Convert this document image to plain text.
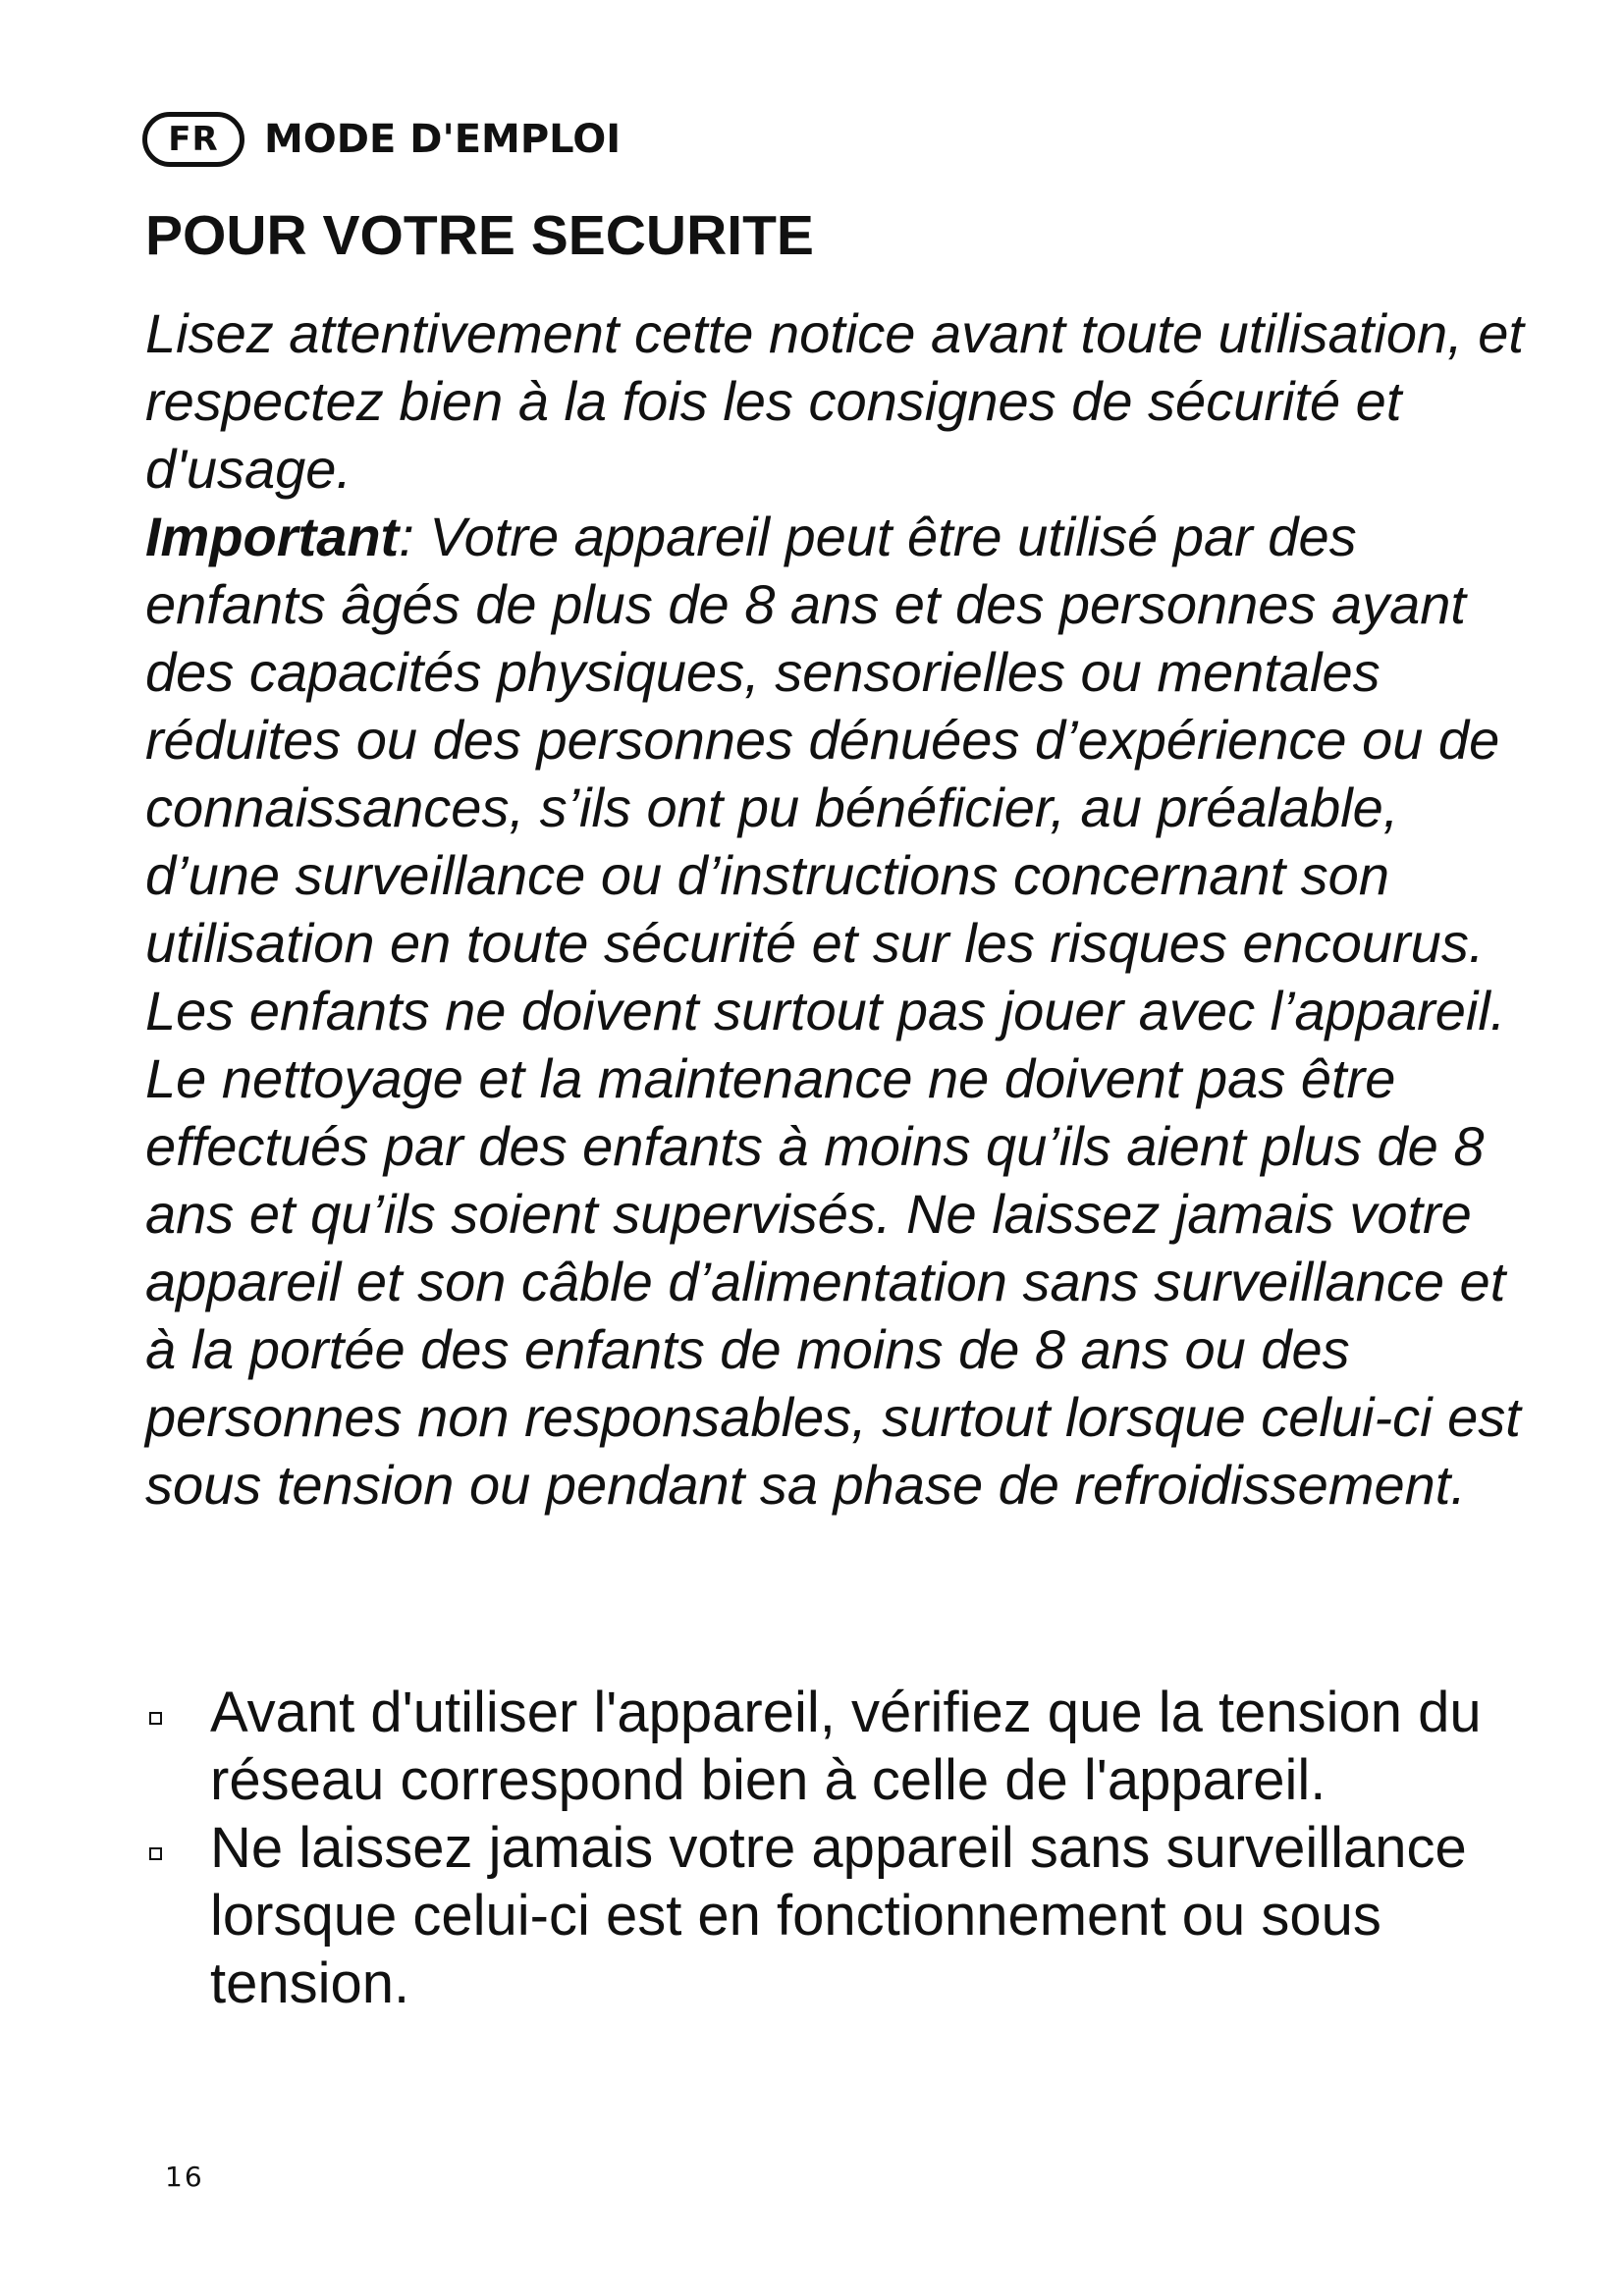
FR MODE D'EMPLOI
POUR VOTRE SECURITE

Lisez attentivement cette notice avant toute utilisation, et respectez bien à la fois les consignes de sécurité et d'usage.

Important: Votre appareil peut être utilisé par des enfants âgés de plus de 8 ans et des personnes ayant des capacités physiques, sensorielles ou mentales réduites ou des personnes dénuées d’expérience ou de connaissances, s’ils ont pu bénéficier, au préalable, d’une surveillance ou d’instructions concernant son utilisation en toute sécurité et sur les risques encourus. Les enfants ne doivent surtout pas jouer avec l’appareil. Le nettoyage et la maintenance ne doivent pas être effectués par des enfants à moins qu’ils aient plus de 8 ans et qu’ils soient supervisés. Ne laissez jamais votre appareil et son câble d’alimentation sans surveillance et à la portée des enfants de moins de 8 ans ou des personnes non responsables, surtout lorsque celui-ci est sous tension ou pendant sa phase de refroidissement.

Avant d'utiliser l'appareil, vérifiez que la tension du réseau correspond bien à celle de l'appareil.
Ne laissez jamais votre appareil sans surveillance lorsque celui-ci est en fonctionnement ou sous tension.
16
